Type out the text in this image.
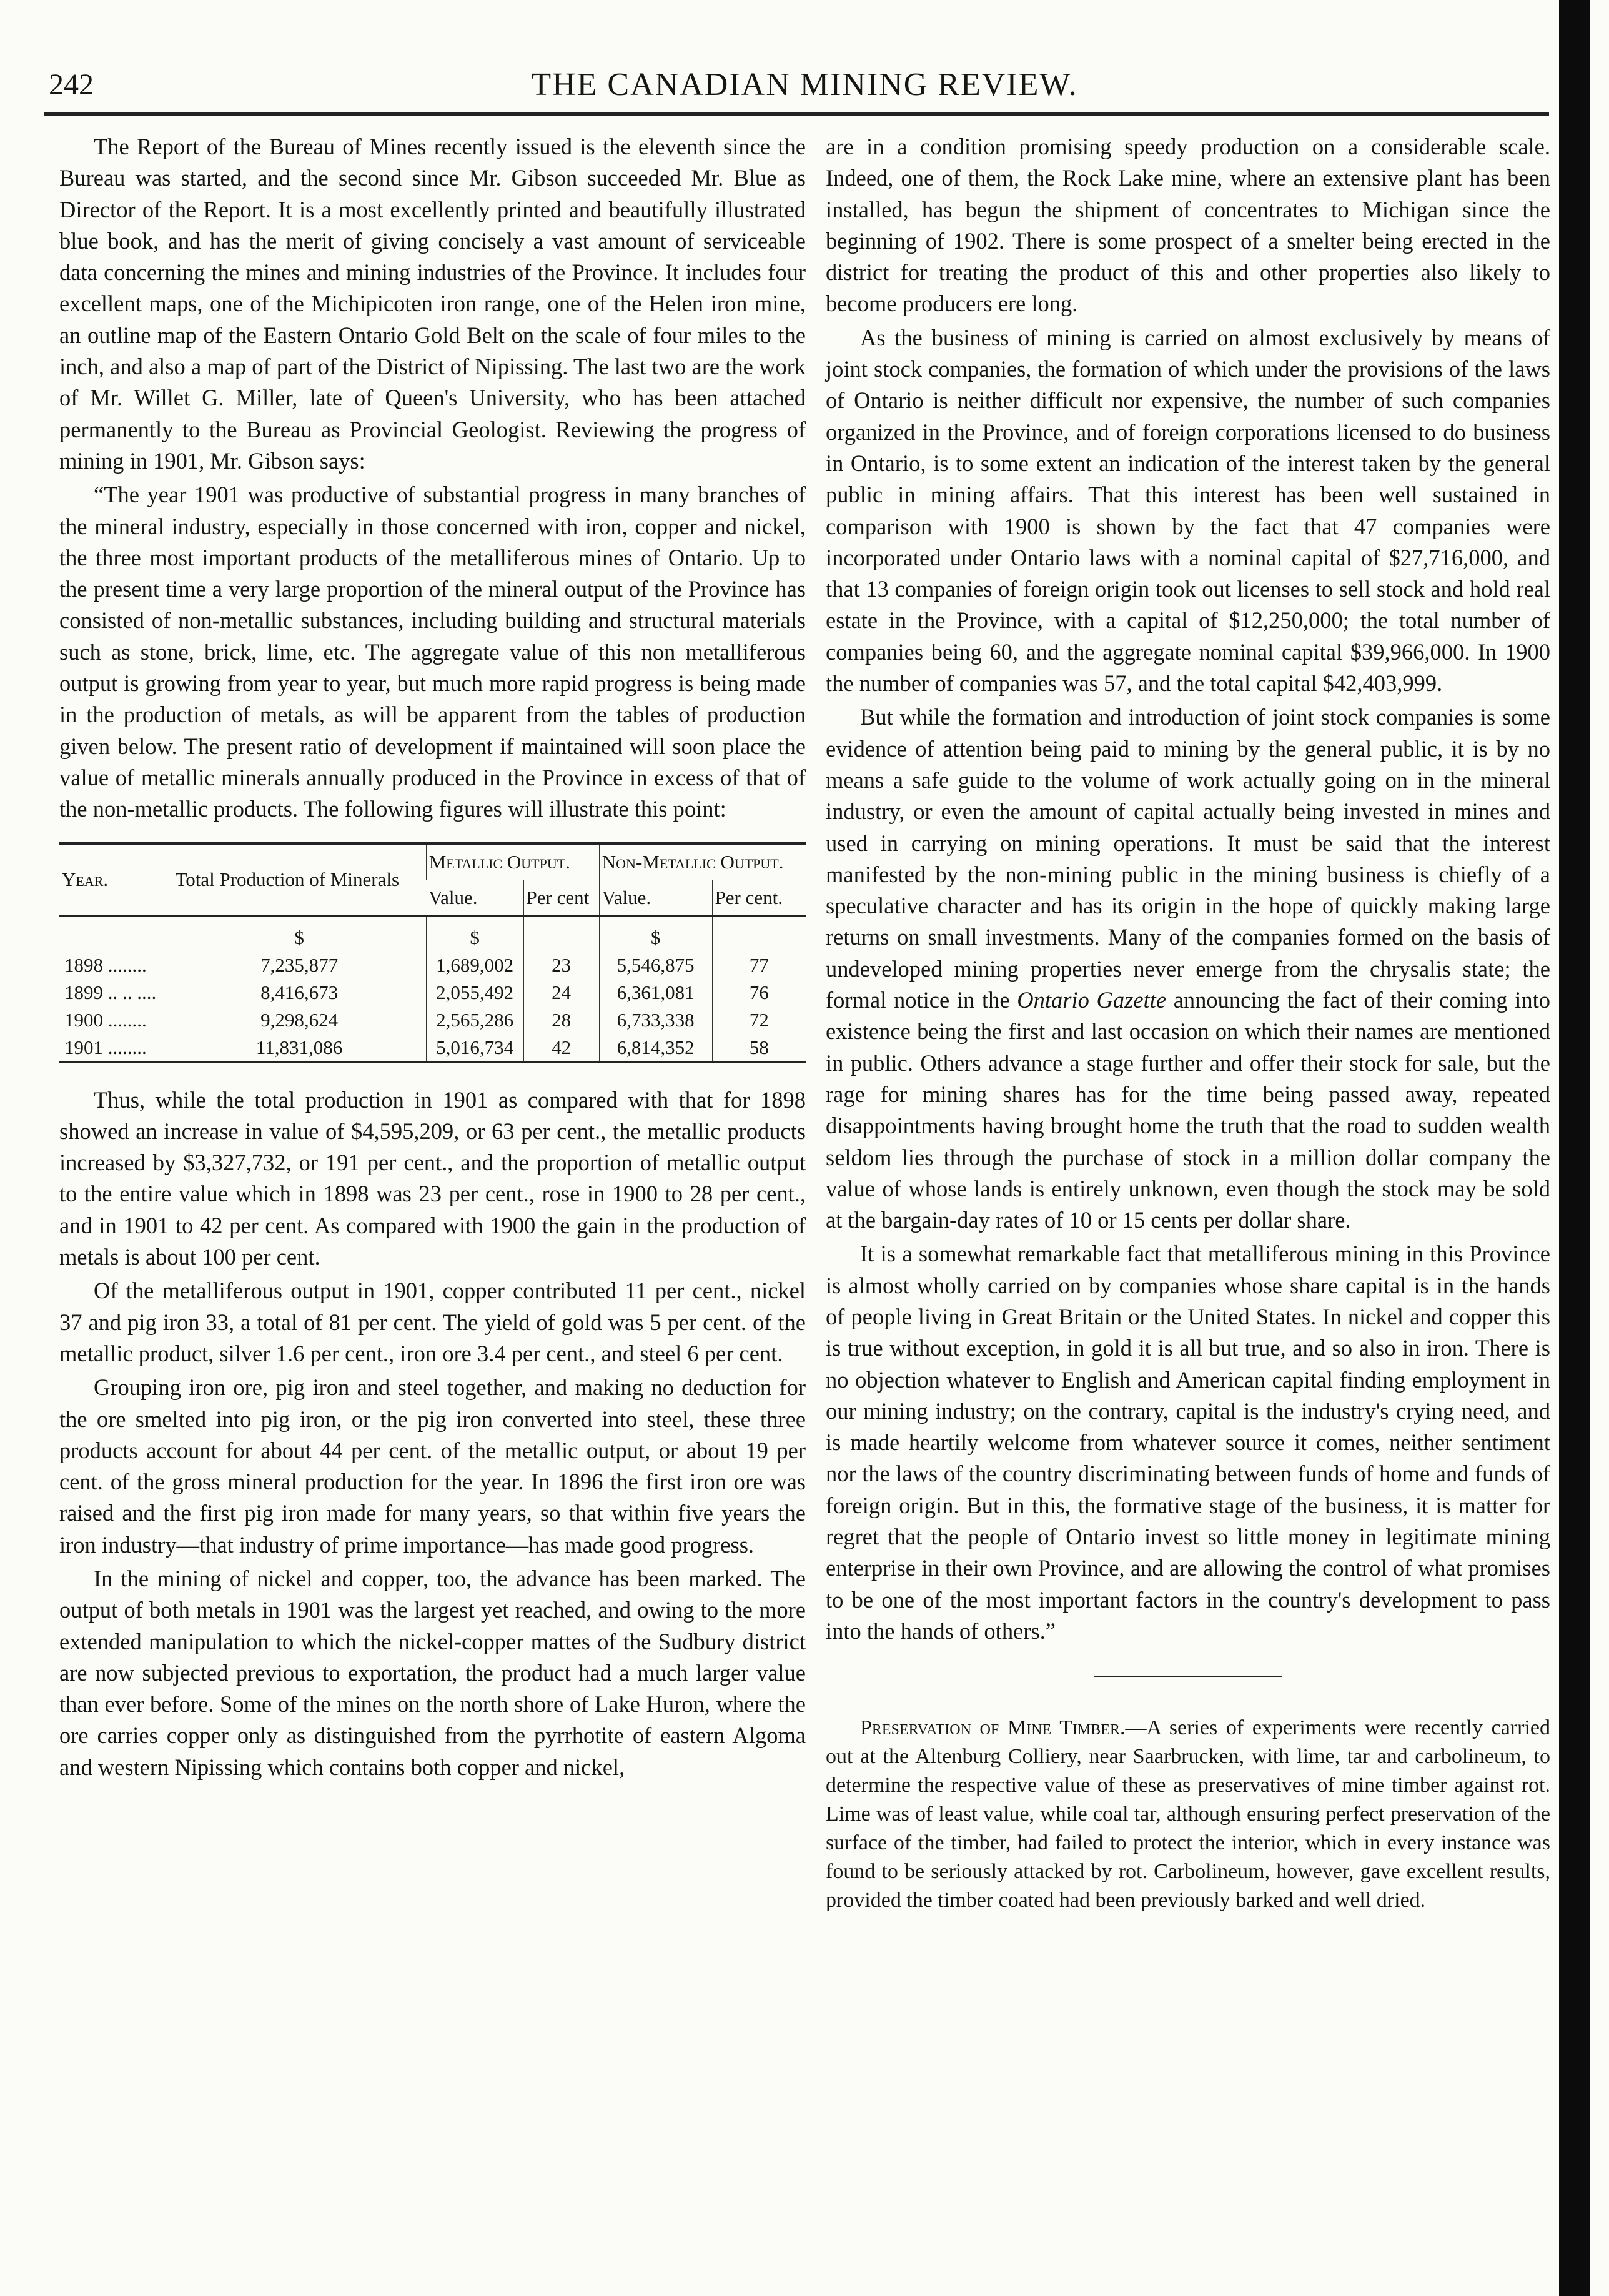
242	THE CANADIAN MINING REVIEW.

The Report of the Bureau of Mines recently issued is the eleventh since the Bureau was started, and the second since Mr. Gibson succeeded Mr. Blue as Director of the Report. It is a most excellently printed and beautifully illustrated blue book, and has the merit of giving concisely a vast amount of serviceable data concerning the mines and mining industries of the Province. It includes four excellent maps, one of the Michipicoten iron range, one of the Helen iron mine, an outline map of the Eastern Ontario Gold Belt on the scale of four miles to the inch, and also a map of part of the District of Nipissing. The last two are the work of Mr. Willet G. Miller, late of Queen's University, who has been attached permanently to the Bureau as Provincial Geologist. Reviewing the progress of mining in 1901, Mr. Gibson says:

“The year 1901 was productive of substantial progress in many branches of the mineral industry, especially in those concerned with iron, copper and nickel, the three most important products of the metalliferous mines of Ontario. Up to the present time a very large proportion of the mineral output of the Province has consisted of non-metallic substances, including building and structural materials such as stone, brick, lime, etc. The aggregate value of this non metalliferous output is growing from year to year, but much more rapid progress is being made in the production of metals, as will be apparent from the tables of production given below. The present ratio of development if maintained will soon place the value of metallic minerals annually produced in the Province in excess of that of the non-metallic products. The following figures will illustrate this point:

Year.	Total Production of Minerals	Metallic Output.		Non-Metallic Output.	
		Value.	Per cent	Value.	Per cent.
	$	$		$	
1898 ........	7,235,877	1,689,002	23	5,546,875	77
1899 .. .. ....	8,416,673	2,055,492	24	6,361,081	76
1900 ........	9,298,624	2,565,286	28	6,733,338	72
1901 ........	11,831,086	5,016,734	42	6,814,352	58

Thus, while the total production in 1901 as compared with that for 1898 showed an increase in value of $4,595,209, or 63 per cent., the metallic products increased by $3,327,732, or 191 per cent., and the proportion of metallic output to the entire value which in 1898 was 23 per cent., rose in 1900 to 28 per cent., and in 1901 to 42 per cent. As compared with 1900 the gain in the production of metals is about 100 per cent.

Of the metalliferous output in 1901, copper contributed 11 per cent., nickel 37 and pig iron 33, a total of 81 per cent. The yield of gold was 5 per cent. of the metallic product, silver 1.6 per cent., iron ore 3.4 per cent., and steel 6 per cent.

Grouping iron ore, pig iron and steel together, and making no deduction for the ore smelted into pig iron, or the pig iron converted into steel, these three products account for about 44 per cent. of the metallic output, or about 19 per cent. of the gross mineral production for the year. In 1896 the first iron ore was raised and the first pig iron made for many years, so that within five years the iron industry—that industry of prime importance—has made good progress.

In the mining of nickel and copper, too, the advance has been marked. The output of both metals in 1901 was the largest yet reached, and owing to the more extended manipulation to which the nickel-copper mattes of the Sudbury district are now subjected previous to exportation, the product had a much larger value than ever before. Some of the mines on the north shore of Lake Huron, where the ore carries copper only as distinguished from the pyrrhotite of eastern Algoma and western Nipissing which contains both copper and nickel,

are in a condition promising speedy production on a considerable scale. Indeed, one of them, the Rock Lake mine, where an extensive plant has been installed, has begun the shipment of concentrates to Michigan since the beginning of 1902. There is some prospect of a smelter being erected in the district for treating the product of this and other properties also likely to become producers ere long.

As the business of mining is carried on almost exclusively by means of joint stock companies, the formation of which under the provisions of the laws of Ontario is neither difficult nor expensive, the number of such companies organized in the Province, and of foreign corporations licensed to do business in Ontario, is to some extent an indication of the interest taken by the general public in mining affairs. That this interest has been well sustained in comparison with 1900 is shown by the fact that 47 companies were incorporated under Ontario laws with a nominal capital of $27,716,000, and that 13 companies of foreign origin took out licenses to sell stock and hold real estate in the Province, with a capital of $12,250,000; the total number of companies being 60, and the aggregate nominal capital $39,966,000. In 1900 the number of companies was 57, and the total capital $42,403,999.

But while the formation and introduction of joint stock companies is some evidence of attention being paid to mining by the general public, it is by no means a safe guide to the volume of work actually going on in the mineral industry, or even the amount of capital actually being invested in mines and used in carrying on mining operations. It must be said that the interest manifested by the non-mining public in the mining business is chiefly of a speculative character and has its origin in the hope of quickly making large returns on small investments. Many of the companies formed on the basis of undeveloped mining properties never emerge from the chrysalis state; the formal notice in the Ontario Gazette announcing the fact of their coming into existence being the first and last occasion on which their names are mentioned in public. Others advance a stage further and offer their stock for sale, but the rage for mining shares has for the time being passed away, repeated disappointments having brought home the truth that the road to sudden wealth seldom lies through the purchase of stock in a million dollar company the value of whose lands is entirely unknown, even though the stock may be sold at the bargain-day rates of 10 or 15 cents per dollar share.

It is a somewhat remarkable fact that metalliferous mining in this Province is almost wholly carried on by companies whose share capital is in the hands of people living in Great Britain or the United States. In nickel and copper this is true without exception, in gold it is all but true, and so also in iron. There is no objection whatever to English and American capital finding employment in our mining industry; on the contrary, capital is the industry's crying need, and is made heartily welcome from whatever source it comes, neither sentiment nor the laws of the country discriminating between funds of home and funds of foreign origin. But in this, the formative stage of the business, it is matter for regret that the people of Ontario invest so little money in legitimate mining enterprise in their own Province, and are allowing the control of what promises to be one of the most important factors in the country's development to pass into the hands of others.”

Preservation of Mine Timber.—A series of experiments were recently carried out at the Altenburg Colliery, near Saarbrucken, with lime, tar and carbolineum, to determine the respective value of these as preservatives of mine timber against rot. Lime was of least value, while coal tar, although ensuring perfect preservation of the surface of the timber, had failed to protect the interior, which in every instance was found to be seriously attacked by rot. Carbolineum, however, gave excellent results, provided the timber coated had been previously barked and well dried.
